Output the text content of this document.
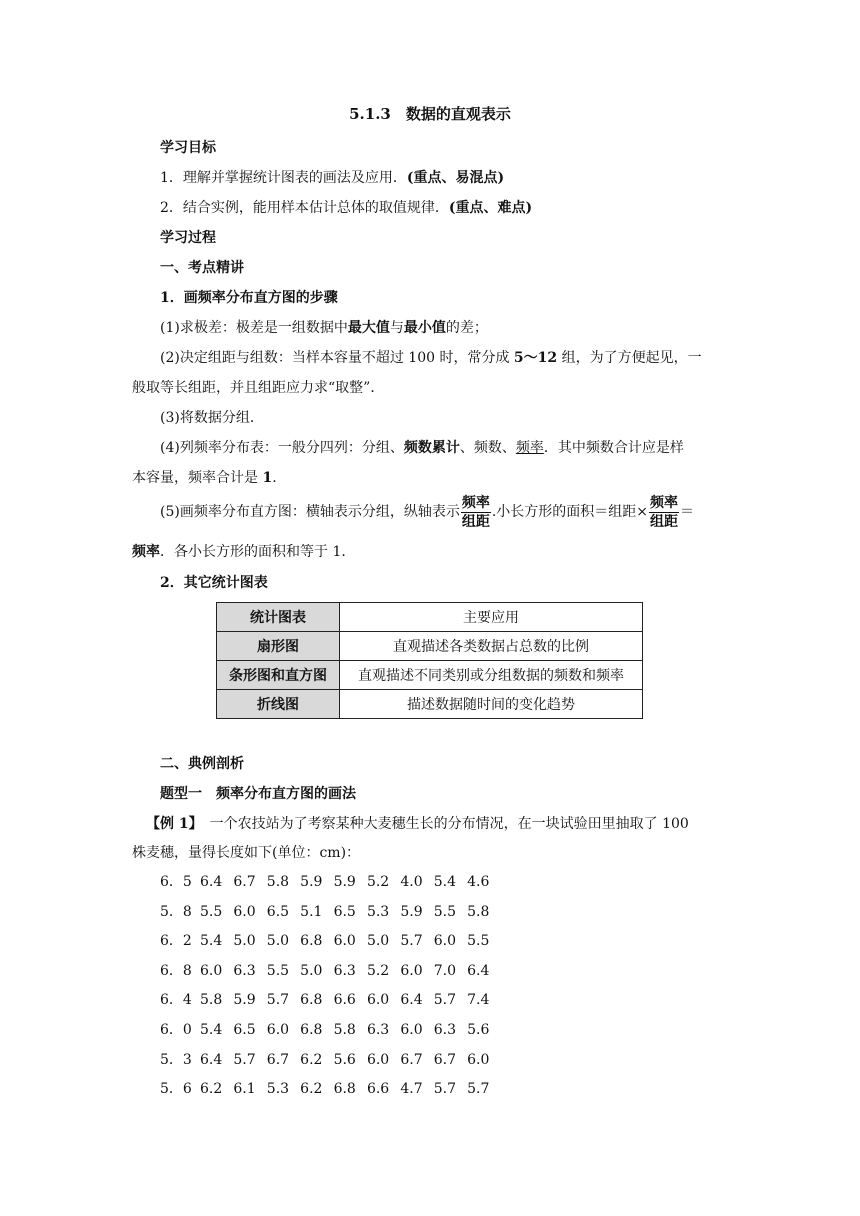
5.1.3　数据的直观表示
学习目标
1．理解并掌握统计图表的画法及应用．(重点、易混点)
2．结合实例，能用样本估计总体的取值规律．(重点、难点)
学习过程
一、考点精讲
1．画频率分布直方图的步骤
(1)求极差：极差是一组数据中最大值与最小值的差；
(2)决定组距与组数：当样本容量不超过 100 时，常分成 5～12 组，为了方便起见，一
般取等长组距，并且组距应力求“取整”．
(3)将数据分组．
(4)列频率分布表：一般分四列：分组、频数累计、频数、频率．其中频数合计应是样
本容量，频率合计是 1.
(5)画频率分布直方图：横轴表示分组，纵轴表示 $\frac{\text{频率}}{\text{组距}}$ .小长方形的面积＝组距× $\frac{\text{频率}}{\text{组距}}$ ＝
频率．各小长方形的面积和等于 1.
2．其它统计图表
统计图表	主要应用
扇形图	直观描述各类数据占总数的比例
条形图和直方图	直观描述不同类别或分组数据的频数和频率
折线图	描述数据随时间的变化趋势
二、典例剖析
题型一　频率分布直方图的画法
【例 1】　一个农技站为了考察某种大麦穗生长的分布情况，在一块试验田里抽取了 100
株麦穗，量得长度如下(单位：cm)：
6．5 6.4 6.7 5.8 5.9 5.9 5.2 4.0 5.4 4.6
5．8 5.5 6.0 6.5 5.1 6.5 5.3 5.9 5.5 5.8
6．2 5.4 5.0 5.0 6.8 6.0 5.0 5.7 6.0 5.5
6．8 6.0 6.3 5.5 5.0 6.3 5.2 6.0 7.0 6.4
6．4 5.8 5.9 5.7 6.8 6.6 6.0 6.4 5.7 7.4
6．0 5.4 6.5 6.0 6.8 5.8 6.3 6.0 6.3 5.6
5．3 6.4 5.7 6.7 6.2 5.6 6.0 6.7 6.7 6.0
5．6 6.2 6.1 5.3 6.2 6.8 6.6 4.7 5.7 5.7
